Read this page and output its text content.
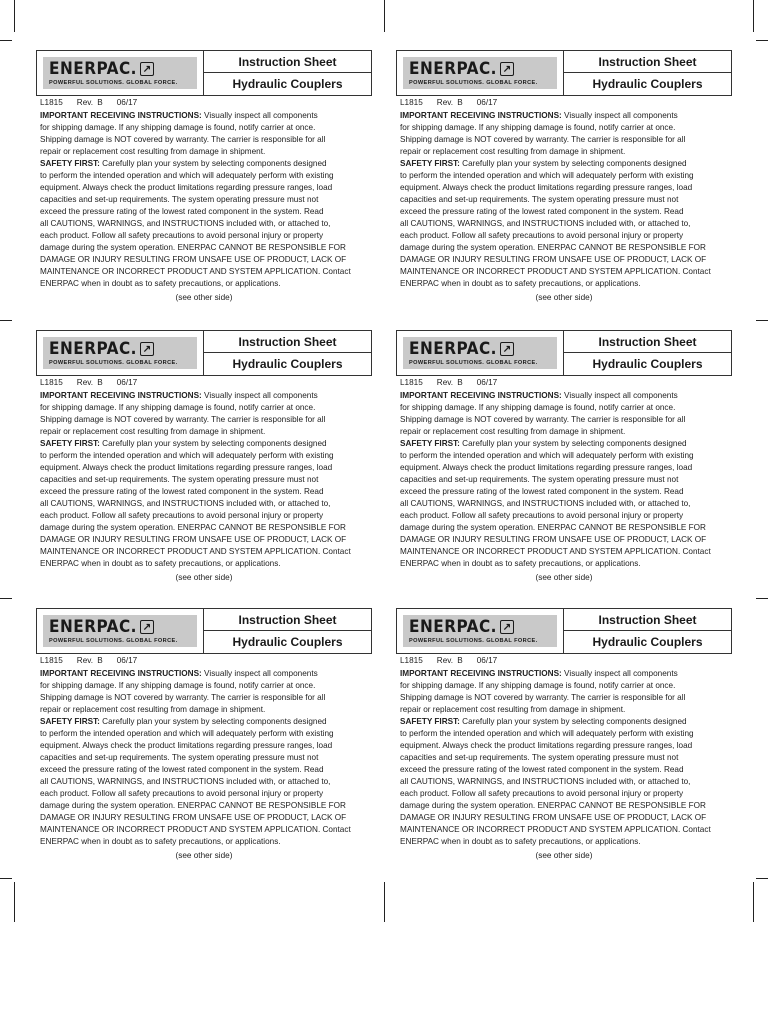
ENERPAC. ↗
POWERFUL SOLUTIONS. GLOBAL FORCE.
Instruction Sheet
Hydraulic Couplers
L1815 Rev. B 06/17
IMPORTANT RECEIVING INSTRUCTIONS: Visually inspect all components
for shipping damage. If any shipping damage is found, notify carrier at once.
Shipping damage is NOT covered by warranty. The carrier is responsible for all
repair or replacement cost resulting from damage in shipment.
SAFETY FIRST: Carefully plan your system by selecting components designed
to perform the intended operation and which will adequately perform with existing
equipment. Always check the product limitations regarding pressure ranges, load
capacities and set-up requirements. The system operating pressure must not
exceed the pressure rating of the lowest rated component in the system. Read
all CAUTIONS, WARNINGS, and INSTRUCTIONS included with, or attached to,
each product. Follow all safety precautions to avoid personal injury or property
damage during the system operation. ENERPAC CANNOT BE RESPONSIBLE FOR
DAMAGE OR INJURY RESULTING FROM UNSAFE USE OF PRODUCT, LACK OF
MAINTENANCE OR INCORRECT PRODUCT AND SYSTEM APPLICATION. Contact
ENERPAC when in doubt as to safety precautions, or applications.
(see other side)
ENERPAC. ↗
POWERFUL SOLUTIONS. GLOBAL FORCE.
Instruction Sheet
Hydraulic Couplers
L1815 Rev. B 06/17
IMPORTANT RECEIVING INSTRUCTIONS: Visually inspect all components
for shipping damage. If any shipping damage is found, notify carrier at once.
Shipping damage is NOT covered by warranty. The carrier is responsible for all
repair or replacement cost resulting from damage in shipment.
SAFETY FIRST: Carefully plan your system by selecting components designed
to perform the intended operation and which will adequately perform with existing
equipment. Always check the product limitations regarding pressure ranges, load
capacities and set-up requirements. The system operating pressure must not
exceed the pressure rating of the lowest rated component in the system. Read
all CAUTIONS, WARNINGS, and INSTRUCTIONS included with, or attached to,
each product. Follow all safety precautions to avoid personal injury or property
damage during the system operation. ENERPAC CANNOT BE RESPONSIBLE FOR
DAMAGE OR INJURY RESULTING FROM UNSAFE USE OF PRODUCT, LACK OF
MAINTENANCE OR INCORRECT PRODUCT AND SYSTEM APPLICATION. Contact
ENERPAC when in doubt as to safety precautions, or applications.
(see other side)
ENERPAC. ↗
POWERFUL SOLUTIONS. GLOBAL FORCE.
Instruction Sheet
Hydraulic Couplers
L1815 Rev. B 06/17
IMPORTANT RECEIVING INSTRUCTIONS: Visually inspect all components
for shipping damage. If any shipping damage is found, notify carrier at once.
Shipping damage is NOT covered by warranty. The carrier is responsible for all
repair or replacement cost resulting from damage in shipment.
SAFETY FIRST: Carefully plan your system by selecting components designed
to perform the intended operation and which will adequately perform with existing
equipment. Always check the product limitations regarding pressure ranges, load
capacities and set-up requirements. The system operating pressure must not
exceed the pressure rating of the lowest rated component in the system. Read
all CAUTIONS, WARNINGS, and INSTRUCTIONS included with, or attached to,
each product. Follow all safety precautions to avoid personal injury or property
damage during the system operation. ENERPAC CANNOT BE RESPONSIBLE FOR
DAMAGE OR INJURY RESULTING FROM UNSAFE USE OF PRODUCT, LACK OF
MAINTENANCE OR INCORRECT PRODUCT AND SYSTEM APPLICATION. Contact
ENERPAC when in doubt as to safety precautions, or applications.
(see other side)
ENERPAC. ↗
POWERFUL SOLUTIONS. GLOBAL FORCE.
Instruction Sheet
Hydraulic Couplers
L1815 Rev. B 06/17
IMPORTANT RECEIVING INSTRUCTIONS: Visually inspect all components
for shipping damage. If any shipping damage is found, notify carrier at once.
Shipping damage is NOT covered by warranty. The carrier is responsible for all
repair or replacement cost resulting from damage in shipment.
SAFETY FIRST: Carefully plan your system by selecting components designed
to perform the intended operation and which will adequately perform with existing
equipment. Always check the product limitations regarding pressure ranges, load
capacities and set-up requirements. The system operating pressure must not
exceed the pressure rating of the lowest rated component in the system. Read
all CAUTIONS, WARNINGS, and INSTRUCTIONS included with, or attached to,
each product. Follow all safety precautions to avoid personal injury or property
damage during the system operation. ENERPAC CANNOT BE RESPONSIBLE FOR
DAMAGE OR INJURY RESULTING FROM UNSAFE USE OF PRODUCT, LACK OF
MAINTENANCE OR INCORRECT PRODUCT AND SYSTEM APPLICATION. Contact
ENERPAC when in doubt as to safety precautions, or applications.
(see other side)
ENERPAC. ↗
POWERFUL SOLUTIONS. GLOBAL FORCE.
Instruction Sheet
Hydraulic Couplers
L1815 Rev. B 06/17
IMPORTANT RECEIVING INSTRUCTIONS: Visually inspect all components
for shipping damage. If any shipping damage is found, notify carrier at once.
Shipping damage is NOT covered by warranty. The carrier is responsible for all
repair or replacement cost resulting from damage in shipment.
SAFETY FIRST: Carefully plan your system by selecting components designed
to perform the intended operation and which will adequately perform with existing
equipment. Always check the product limitations regarding pressure ranges, load
capacities and set-up requirements. The system operating pressure must not
exceed the pressure rating of the lowest rated component in the system. Read
all CAUTIONS, WARNINGS, and INSTRUCTIONS included with, or attached to,
each product. Follow all safety precautions to avoid personal injury or property
damage during the system operation. ENERPAC CANNOT BE RESPONSIBLE FOR
DAMAGE OR INJURY RESULTING FROM UNSAFE USE OF PRODUCT, LACK OF
MAINTENANCE OR INCORRECT PRODUCT AND SYSTEM APPLICATION. Contact
ENERPAC when in doubt as to safety precautions, or applications.
(see other side)
ENERPAC. ↗
POWERFUL SOLUTIONS. GLOBAL FORCE.
Instruction Sheet
Hydraulic Couplers
L1815 Rev. B 06/17
IMPORTANT RECEIVING INSTRUCTIONS: Visually inspect all components
for shipping damage. If any shipping damage is found, notify carrier at once.
Shipping damage is NOT covered by warranty. The carrier is responsible for all
repair or replacement cost resulting from damage in shipment.
SAFETY FIRST: Carefully plan your system by selecting components designed
to perform the intended operation and which will adequately perform with existing
equipment. Always check the product limitations regarding pressure ranges, load
capacities and set-up requirements. The system operating pressure must not
exceed the pressure rating of the lowest rated component in the system. Read
all CAUTIONS, WARNINGS, and INSTRUCTIONS included with, or attached to,
each product. Follow all safety precautions to avoid personal injury or property
damage during the system operation. ENERPAC CANNOT BE RESPONSIBLE FOR
DAMAGE OR INJURY RESULTING FROM UNSAFE USE OF PRODUCT, LACK OF
MAINTENANCE OR INCORRECT PRODUCT AND SYSTEM APPLICATION. Contact
ENERPAC when in doubt as to safety precautions, or applications.
(see other side)
